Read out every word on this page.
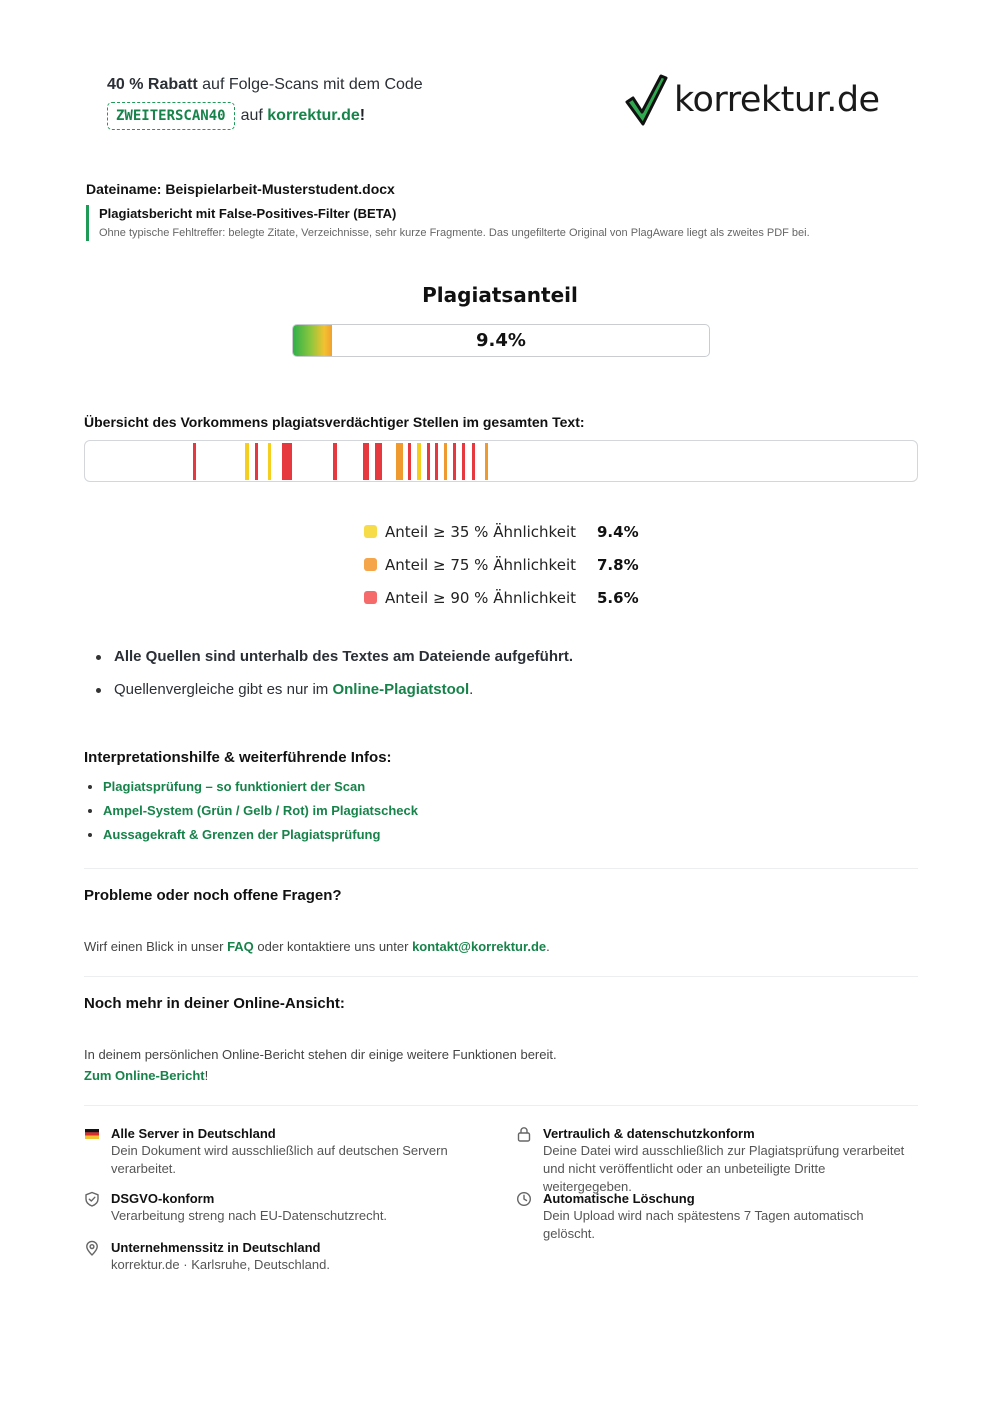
40 % Rabatt auf Folge-Scans mit dem Code
ZWEITERSCAN40 auf
korrektur.de !	korrektur.de
Dateiname: Beispielarbeit-Musterstudent.docx
Plagiatsbericht mit False-Positives-Filter (BETA)
Ohne typische Fehltreffer: belegte Zitate, Verzeichnisse, sehr kurze Fragmente. Das ungefilterte Original von PlagAware liegt als zweites PDF bei.
Plagiatsanteil
9.4%
Übersicht des Vorkommens plagiatsverdächtiger Stellen im gesamten Text:
Anteil ≥ 35 % Ähnlichkeit	9.4%
Anteil ≥ 75 % Ähnlichkeit	7.8%
Anteil ≥ 90 % Ähnlichkeit	5.6%
Alle Quellen sind unterhalb des Textes am Dateiende aufgeführt.
Quellenvergleiche gibt es nur im Online-Plagiatstool.
Interpretationshilfe & weiterführende Infos:
Plagiatsprüfung – so funktioniert der Scan
Ampel-System (Grün / Gelb / Rot) im Plagiatscheck
Aussagekraft & Grenzen der Plagiatsprüfung
Probleme oder noch offene Fragen?
Wirf einen Blick in unser FAQ oder kontaktiere uns unter kontakt@korrektur.de.
Noch mehr in deiner Online-Ansicht:
In deinem persönlichen Online-Bericht stehen dir einige weitere Funktionen bereit.
Zum Online-Bericht!
Alle Server in Deutschland
Dein Dokument wird ausschließlich auf deutschen Servern verarbeitet.
Vertraulich & datenschutzkonform
Deine Datei wird ausschließlich zur Plagiatsprüfung verarbeitet und nicht veröffentlicht oder an unbeteiligte Dritte weitergegeben.
DSGVO-konform
Verarbeitung streng nach EU-Datenschutzrecht.
Automatische Löschung
Dein Upload wird nach spätestens 7 Tagen automatisch gelöscht.
Unternehmenssitz in Deutschland
korrektur.de · Karlsruhe, Deutschland.
